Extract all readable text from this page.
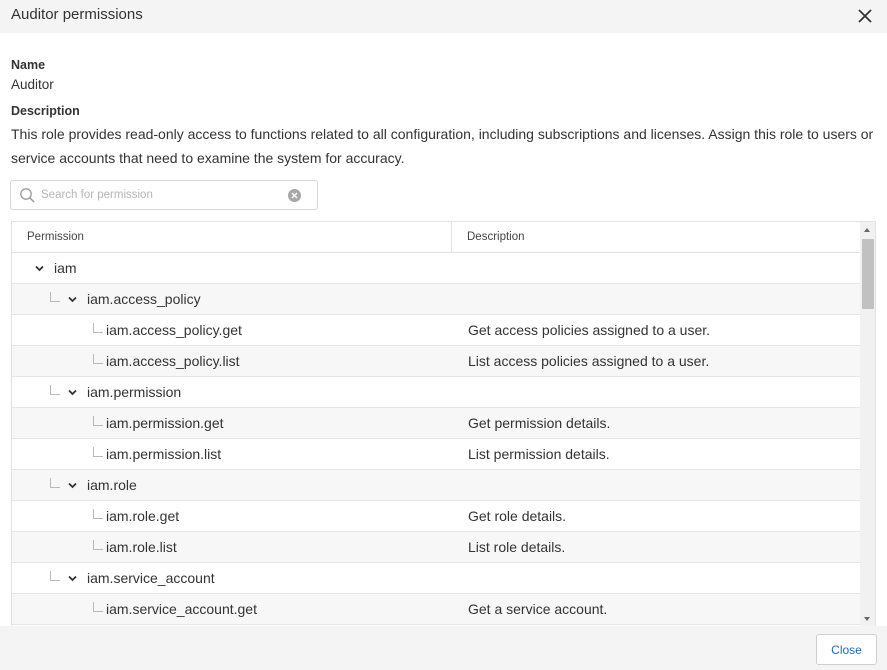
Auditor permissions
Name
Auditor
Description
This role provides read-only access to functions related to all configuration, including subscriptions and licenses. Assign this role to users or service accounts that need to examine the system for accuracy.
Search for permission
Permission	Description
iam
iam.access_policy
iam.access_policy.get	Get access policies assigned to a user.
iam.access_policy.list	List access policies assigned to a user.
iam.permission
iam.permission.get	Get permission details.
iam.permission.list	List permission details.
iam.role
iam.role.get	Get role details.
iam.role.list	List role details.
iam.service_account
iam.service_account.get	Get a service account.
Close
